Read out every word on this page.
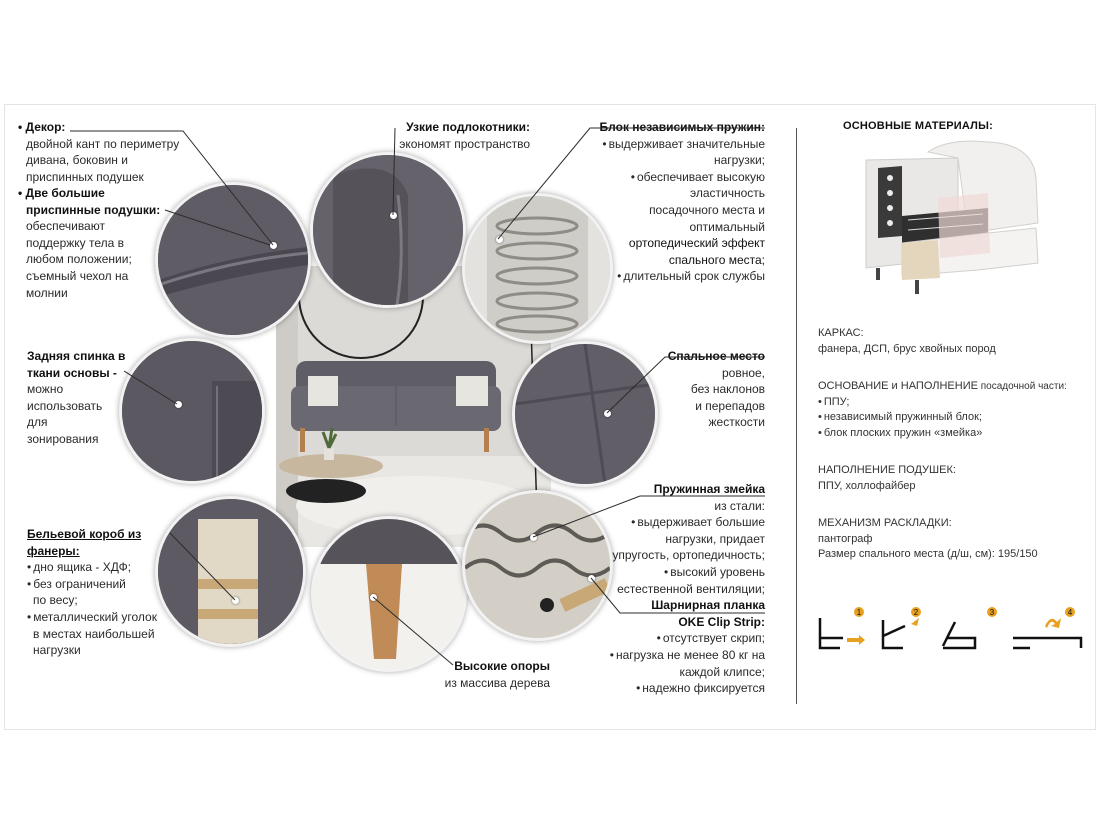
• Декор:
двойной кант по периметру
дивана, боковин и
приспинных подушек
• Две большие
приспинные подушки:
обеспечивают
поддержку тела в
любом положении;
съемный чехол на
молнии
Задняя спинка в
ткани основы -
можно
использовать
для
зонирования
Бельевой короб из
фанеры:
• дно ящика - ХДФ;
• без ограничений
по весу;
• металлический уголок
в местах наибольшей
нагрузки
Узкие подлокотники:
экономят пространство
Высокие опоры
из массива дерева
Блок независимых пружин:
• выдерживает значительные
нагрузки;
• обеспечивает высокую
эластичность
посадочного места и
оптимальный
ортопедический эффект
спального места;
• длительный срок службы
Спальное место
ровное,
без наклонов
и перепадов
жесткости
Пружинная змейка
из стали:
• выдерживает большие
нагрузки, придает
упругость, ортопедичность;
• высокий уровень
естественной вентиляции;
Шарнирная планка
OKE Clip Strip:
• отсутствует скрип;
• нагрузка не менее 80 кг на
каждой клипсе;
• надежно фиксируется
ОСНОВНЫЕ МАТЕРИАЛЫ:
КАРКАС:
фанера, ДСП, брус хвойных пород
ОСНОВАНИЕ и НАПОЛНЕНИЕ посадочной части:
• ППУ;
• независимый пружинный блок;
• блок плоских пружин «змейка»
НАПОЛНЕНИЕ ПОДУШЕК:
ППУ, холлофайбер
МЕХАНИЗМ РАСКЛАДКИ:
пантограф
Размер спального места (д/ш, см): 195/150
1	2	3	4
